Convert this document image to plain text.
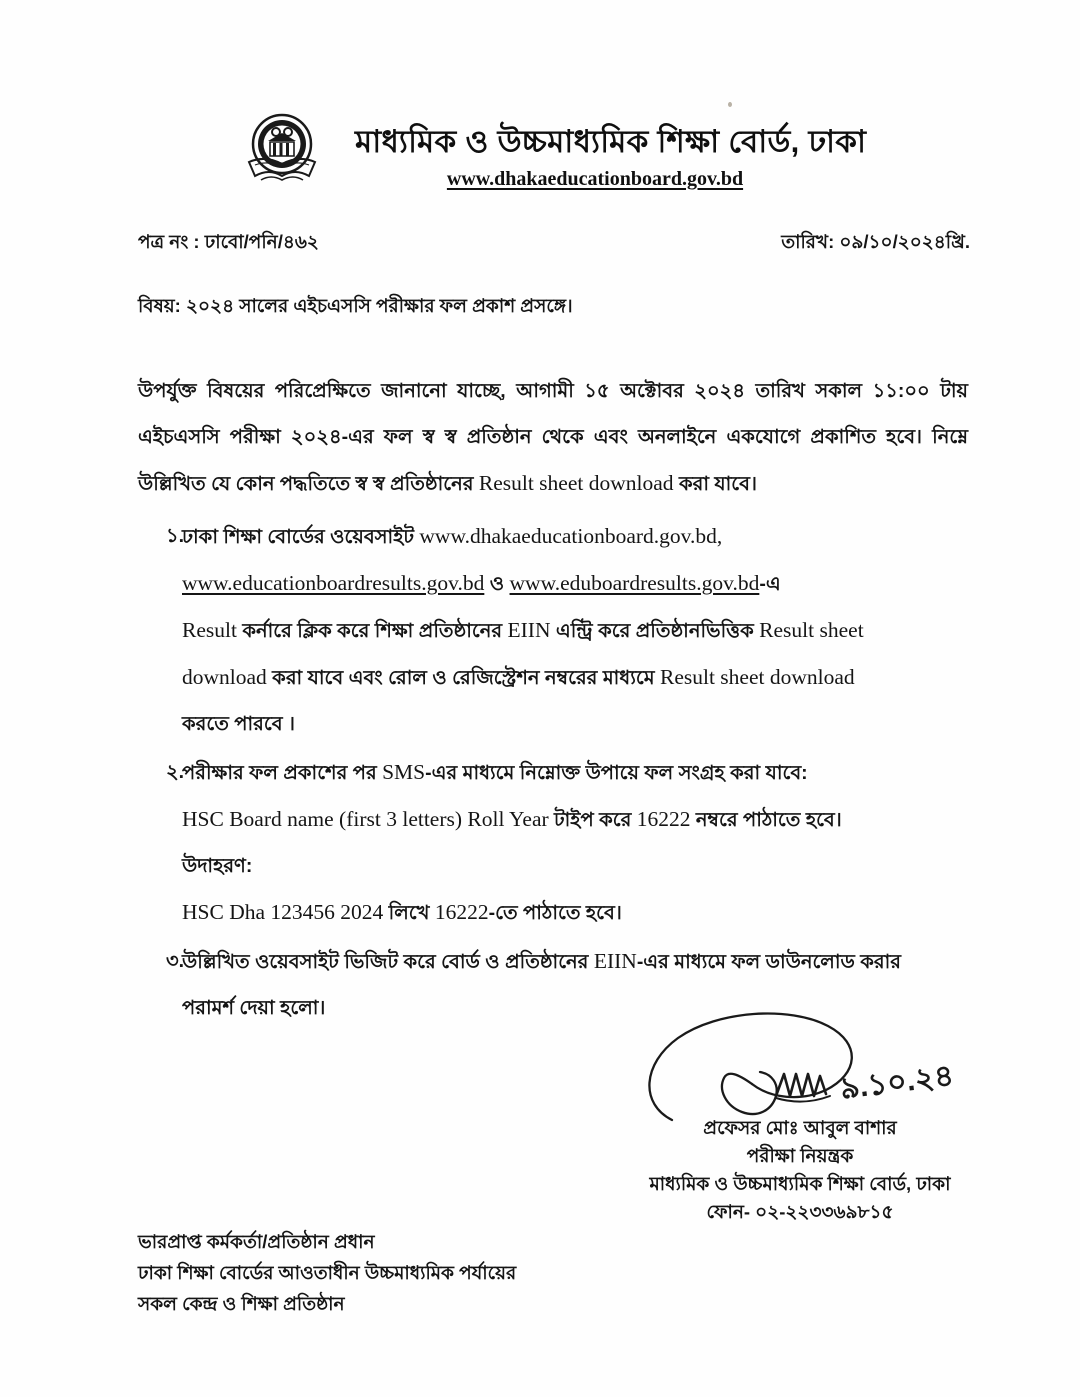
মাধ্যমিক ও উচ্চমাধ্যমিক শিক্ষা বোর্ড, ঢাকা
www.dhakaeducationboard.gov.bd
পত্র নং : ঢাবো/পনি/৪৬২	তারিখ: ০৯/১০/২০২৪খ্রি.
বিষয়: ২০২৪ সালের এইচএসসি পরীক্ষার ফল প্রকাশ প্রসঙ্গে।

উপর্যুক্ত বিষয়ের পরিপ্রেক্ষিতে জানানো যাচ্ছে, আগামী ১৫ অক্টোবর ২০২৪ তারিখ সকাল ১১:০০ টায় এইচএসসি পরীক্ষা ২০২৪-এর ফল স্ব স্ব প্রতিষ্ঠান থেকে এবং অনলাইনে একযোগে প্রকাশিত হবে। নিম্নে উল্লিখিত যে কোন পদ্ধতিতে স্ব স্ব প্রতিষ্ঠানের Result sheet download করা যাবে।

১.
ঢাকা শিক্ষা বোর্ডের ওয়েবসাইট www.dhakaeducationboard.gov.bd,
www.educationboardresults.gov.bd ও www.eduboardresults.gov.bd-এ
Result কর্নারে ক্লিক করে শিক্ষা প্রতিষ্ঠানের EIIN এন্ট্রি করে প্রতিষ্ঠানভিত্তিক Result sheet
download করা যাবে এবং রোল ও রেজিস্ট্রেশন নম্বরের মাধ্যমে Result sheet download
করতে পারবে ।
২.
পরীক্ষার ফল প্রকাশের পর SMS-এর মাধ্যমে নিম্নোক্ত উপায়ে ফল সংগ্রহ করা যাবে:
HSC Board name (first 3 letters) Roll Year টাইপ করে 16222 নম্বরে পাঠাতে হবে।
উদাহরণ:
HSC Dha 123456 2024 লিখে 16222-তে পাঠাতে হবে।
৩.
উল্লিখিত ওয়েবসাইট ভিজিট করে বোর্ড ও প্রতিষ্ঠানের EIIN-এর মাধ্যমে ফল ডাউনলোড করার
পরামর্শ দেয়া হলো।
৯.১০.২৪
প্রফেসর মোঃ আবুল বাশার
পরীক্ষা নিয়ন্ত্রক
মাধ্যমিক ও উচ্চমাধ্যমিক শিক্ষা বোর্ড, ঢাকা
ফোন- ০২-২২৩৩৬৯৮১৫
ভারপ্রাপ্ত কর্মকর্তা/প্রতিষ্ঠান প্রধান
ঢাকা শিক্ষা বোর্ডের আওতাধীন উচ্চমাধ্যমিক পর্যায়ের
সকল কেন্দ্র ও শিক্ষা প্রতিষ্ঠান
